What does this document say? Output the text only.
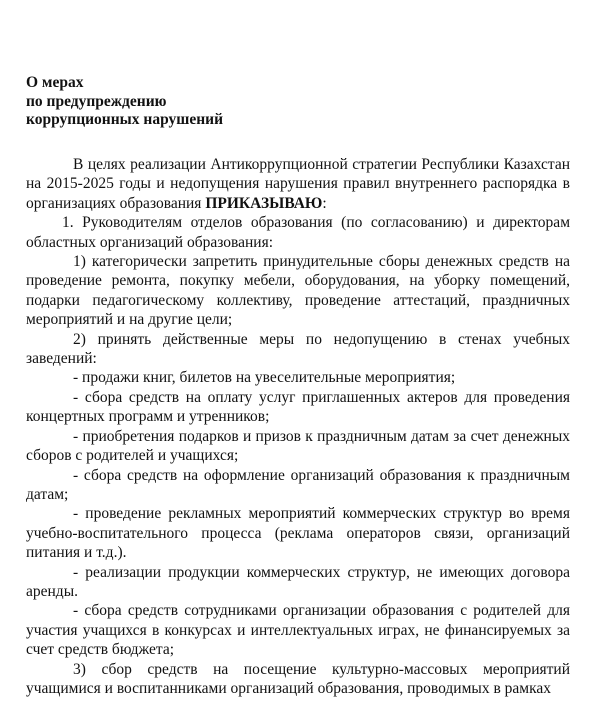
О мерах
по предупреждению
коррупционных нарушений

В целях реализации Антикоррупционной стратегии Республики Казахстан на 2015-2025 годы и недопущения нарушения правил внутреннего распорядка в организациях образования ПРИКАЗЫВАЮ:

1. Руководителям отделов образования (по согласованию) и директорам областных организаций образования:

1) категорически запретить принудительные сборы денежных средств на проведение ремонта, покупку мебели, оборудования, на уборку помещений, подарки педагогическому коллективу, проведение аттестаций, праздничных мероприятий и на другие цели;

2) принять действенные меры по недопущению в стенах учебных заведений:

- продажи книг, билетов на увеселительные мероприятия;

- сбора средств на оплату услуг приглашенных актеров для проведения концертных программ и утренников;

- приобретения подарков и призов к праздничным датам за счет денежных сборов с родителей и учащихся;

- сбора средств на оформление организаций образования к праздничным датам;

- проведение рекламных мероприятий коммерческих структур во время учебно-воспитательного процесса (реклама операторов связи, организаций питания и т.д.).

- реализации продукции коммерческих структур, не имеющих договора аренды.

- сбора средств сотрудниками организации образования с родителей для участия учащихся в конкурсах и интеллектуальных играх, не финансируемых за счет средств бюджета;

3) сбор средств на посещение культурно-массовых мероприятий учащимися и воспитанниками организаций образования, проводимых в рамках
